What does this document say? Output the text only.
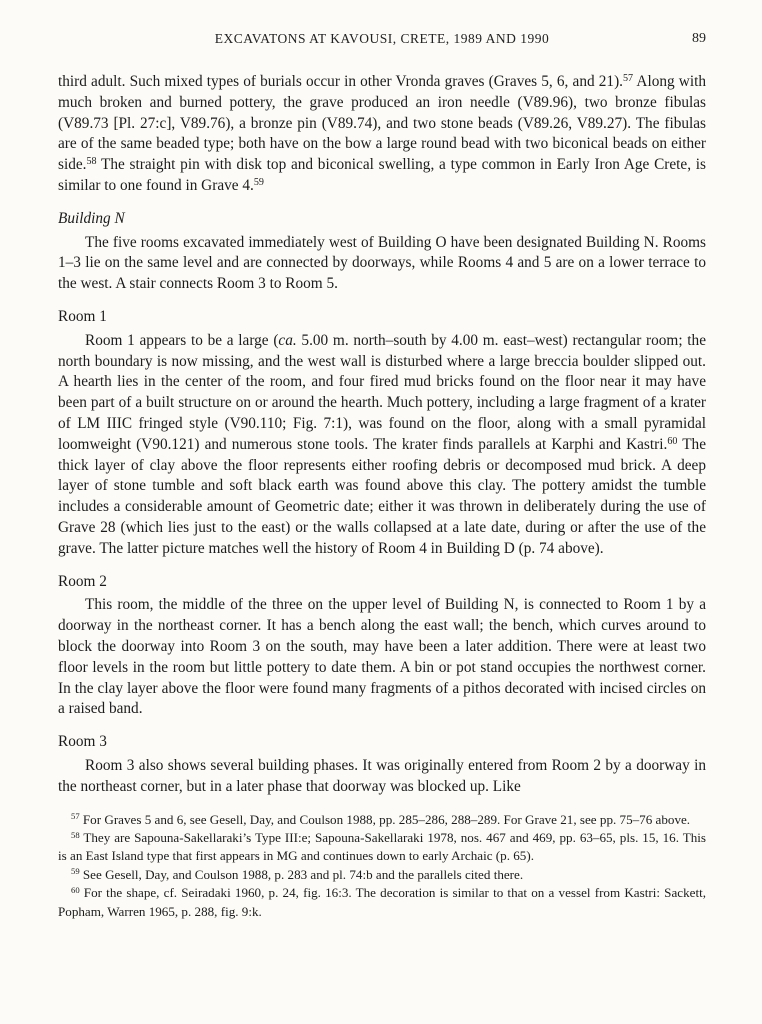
EXCAVATONS AT KAVOUSI, CRETE, 1989 AND 1990	89

third adult. Such mixed types of burials occur in other Vronda graves (Graves 5, 6, and 21).$^{57}$ Along with much broken and burned pottery, the grave produced an iron needle (V89.96), two bronze fibulas (V89.73 [Pl. 27:c], V89.76), a bronze pin (V89.74), and two stone beads (V89.26, V89.27). The fibulas are of the same beaded type; both have on the bow a large round bead with two biconical beads on either side.$^{58}$ The straight pin with disk top and biconical swelling, a type common in Early Iron Age Crete, is similar to one found in Grave 4.59

Building N

The five rooms excavated immediately west of Building O have been designated Building N. Rooms 1–3 lie on the same level and are connected by doorways, while Rooms 4 and 5 are on a lower terrace to the west. A stair connects Room 3 to Room 5.

Room 1

Room 1 appears to be a large (ca. 5.00 m. north–south by 4.00 m. east–west) rectangular room; the north boundary is now missing, and the west wall is disturbed where a large breccia boulder slipped out. A hearth lies in the center of the room, and four fired mud bricks found on the floor near it may have been part of a built structure on or around the hearth. Much pottery, including a large fragment of a krater of LM IIIC fringed style (V90.110; Fig. 7:1), was found on the floor, along with a small pyramidal loomweight (V90.121) and numerous stone tools. The krater finds parallels at Karphi and Kastri.$^{60}$ The thick layer of clay above the floor represents either roofing debris or decomposed mud brick. A deep layer of stone tumble and soft black earth was found above this clay. The pottery amidst the tumble includes a considerable amount of Geometric date; either it was thrown in deliberately during the use of Grave 28 (which lies just to the east) or the walls collapsed at a late date, during or after the use of the grave. The latter picture matches well the history of Room 4 in Building D (p. 74 above).

Room 2

This room, the middle of the three on the upper level of Building N, is connected to Room 1 by a doorway in the northeast corner. It has a bench along the east wall; the bench, which curves around to block the doorway into Room 3 on the south, may have been a later addition. There were at least two floor levels in the room but little pottery to date them. A bin or pot stand occupies the northwest corner. In the clay layer above the floor were found many fragments of a pithos decorated with incised circles on a raised band.

Room 3

Room 3 also shows several building phases. It was originally entered from Room 2 by a doorway in the northeast corner, but in a later phase that doorway was blocked up. Like

$^{57}$ For Graves 5 and 6, see Gesell, Day, and Coulson 1988, pp. 285–286, 288–289. For Grave 21, see pp. 75–76 above.

$^{58}$ They are Sapouna-Sakellaraki’s Type III:e; Sapouna-Sakellaraki 1978, nos. 467 and 469, pp. 63–65, pls. 15, 16. This is an East Island type that first appears in MG and continues down to early Archaic (p. 65).

$^{59}$ See Gesell, Day, and Coulson 1988, p. 283 and pl. 74:b and the parallels cited there.

$^{60}$ For the shape, cf. Seiradaki 1960, p. 24, fig. 16:3. The decoration is similar to that on a vessel from Kastri: Sackett, Popham, Warren 1965, p. 288, fig. 9:k.
